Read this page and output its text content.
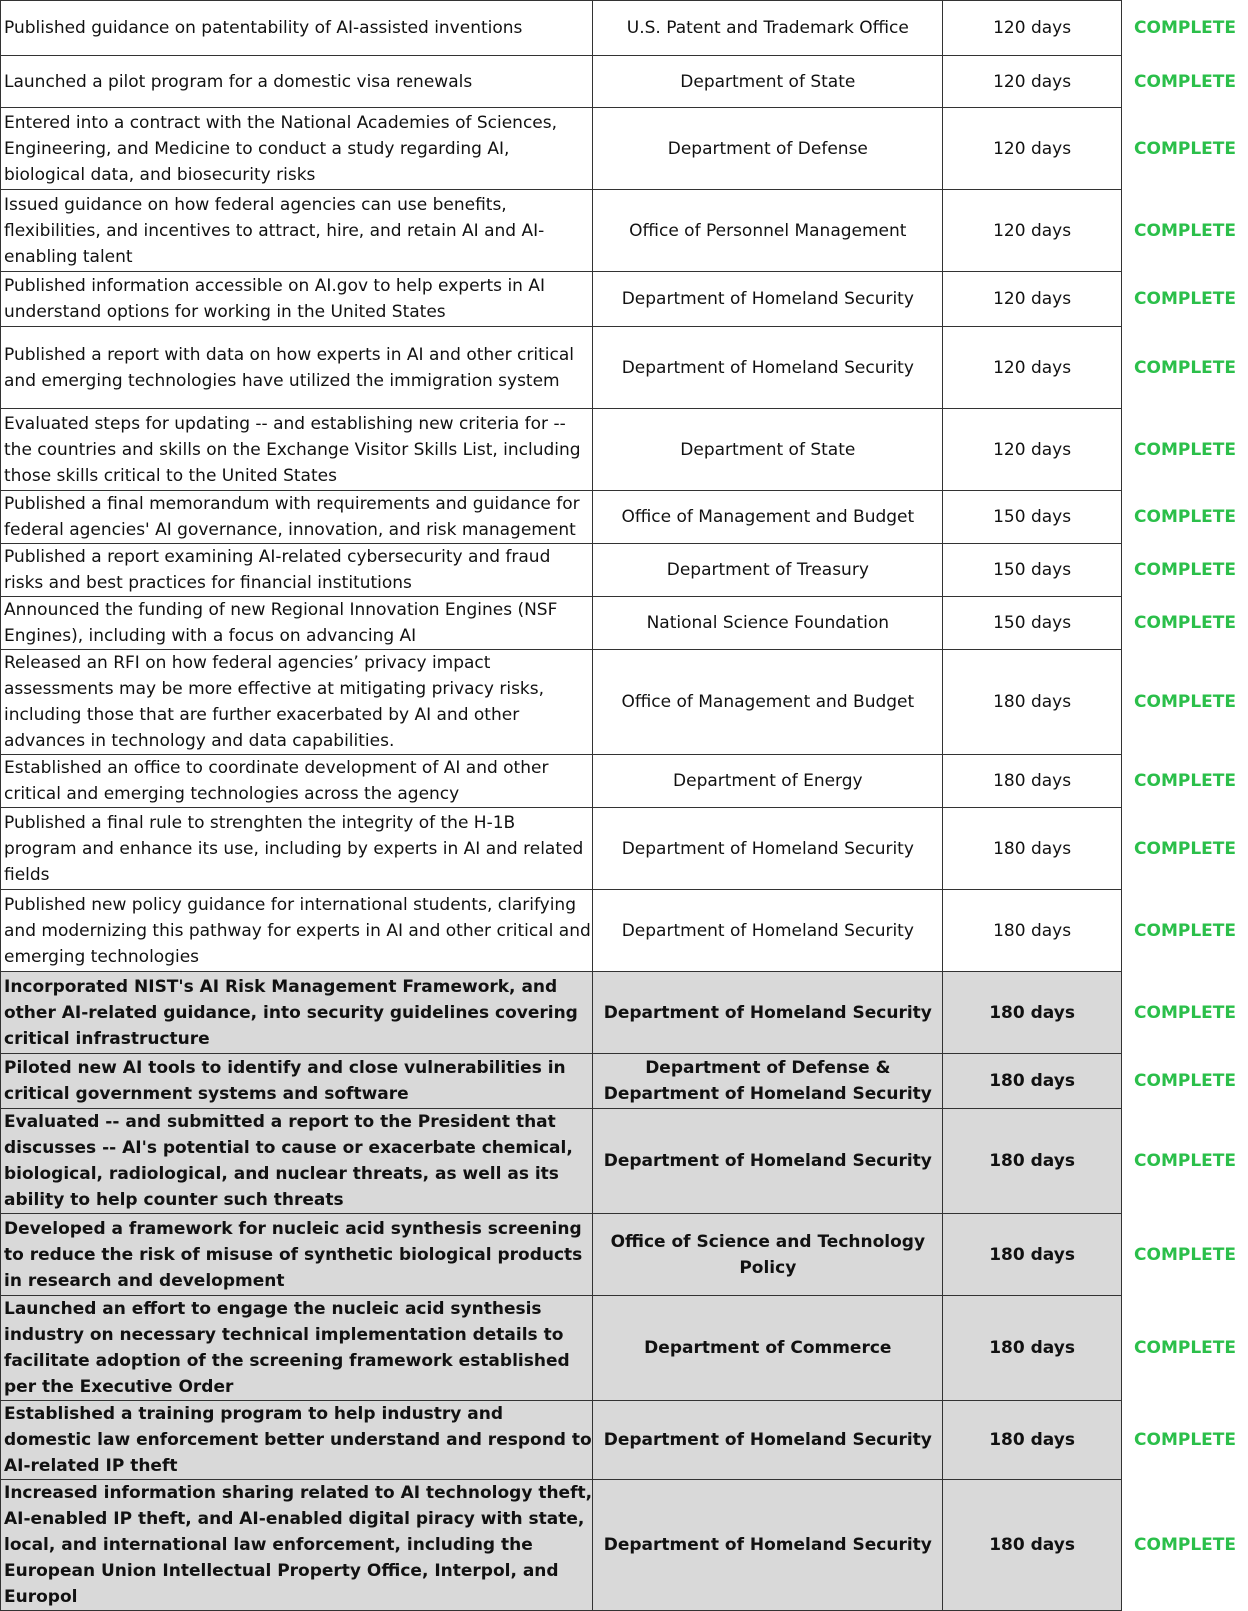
Published guidance on patentability of AI-assisted inventions	U.S. Patent and Trademark Office	120 days	COMPLETE
Launched a pilot program for a domestic visa renewals	Department of State	120 days	COMPLETE
Entered into a contract with the National Academies of Sciences, Engineering, and Medicine to conduct a study regarding AI, biological data, and biosecurity risks	Department of Defense	120 days	COMPLETE
Issued guidance on how federal agencies can use benefits, flexibilities, and incentives to attract, hire, and retain AI and AI-enabling talent	Office of Personnel Management	120 days	COMPLETE
Published information accessible on AI.gov to help experts in AI understand options for working in the United States	Department of Homeland Security	120 days	COMPLETE
Published a report with data on how experts in AI and other critical and emerging technologies have utilized the immigration system	Department of Homeland Security	120 days	COMPLETE
Evaluated steps for updating -- and establishing new criteria for -- the countries and skills on the Exchange Visitor Skills List, including those skills critical to the United States	Department of State	120 days	COMPLETE
Published a final memorandum with requirements and guidance for federal agencies' AI governance, innovation, and risk management	Office of Management and Budget	150 days	COMPLETE
Published a report examining AI-related cybersecurity and fraud risks and best practices for financial institutions	Department of Treasury	150 days	COMPLETE
Announced the funding of new Regional Innovation Engines (NSF Engines), including with a focus on advancing AI	National Science Foundation	150 days	COMPLETE
Released an RFI on how federal agencies’ privacy impact assessments may be more effective at mitigating privacy risks, including those that are further exacerbated by AI and other advances in technology and data capabilities.	Office of Management and Budget	180 days	COMPLETE
Established an office to coordinate development of AI and other critical and emerging technologies across the agency	Department of Energy	180 days	COMPLETE
Published a final rule to strenghten the integrity of the H-1B program and enhance its use, including by experts in AI and related fields	Department of Homeland Security	180 days	COMPLETE
Published new policy guidance for international students, clarifying and modernizing this pathway for experts in AI and other critical and emerging technologies	Department of Homeland Security	180 days	COMPLETE
Incorporated NIST's AI Risk Management Framework, and other AI-related guidance, into security guidelines covering critical infrastructure	Department of Homeland Security	180 days	COMPLETE
Piloted new AI tools to identify and close vulnerabilities in critical government systems and software	Department of Defense & Department of Homeland Security	180 days	COMPLETE
Evaluated -- and submitted a report to the President that discusses -- AI's potential to cause or exacerbate chemical, biological, radiological, and nuclear threats, as well as its ability to help counter such threats	Department of Homeland Security	180 days	COMPLETE
Developed a framework for nucleic acid synthesis screening to reduce the risk of misuse of synthetic biological products in research and development	Office of Science and Technology Policy	180 days	COMPLETE
Launched an effort to engage the nucleic acid synthesis industry on necessary technical implementation details to facilitate adoption of the screening framework established per the Executive Order	Department of Commerce	180 days	COMPLETE
Established a training program to help industry and domestic law enforcement better understand and respond to AI-related IP theft	Department of Homeland Security	180 days	COMPLETE
Increased information sharing related to AI technology theft, AI-enabled IP theft, and AI-enabled digital piracy with state, local, and international law enforcement, including the European Union Intellectual Property Office, Interpol, and Europol	Department of Homeland Security	180 days	COMPLETE
